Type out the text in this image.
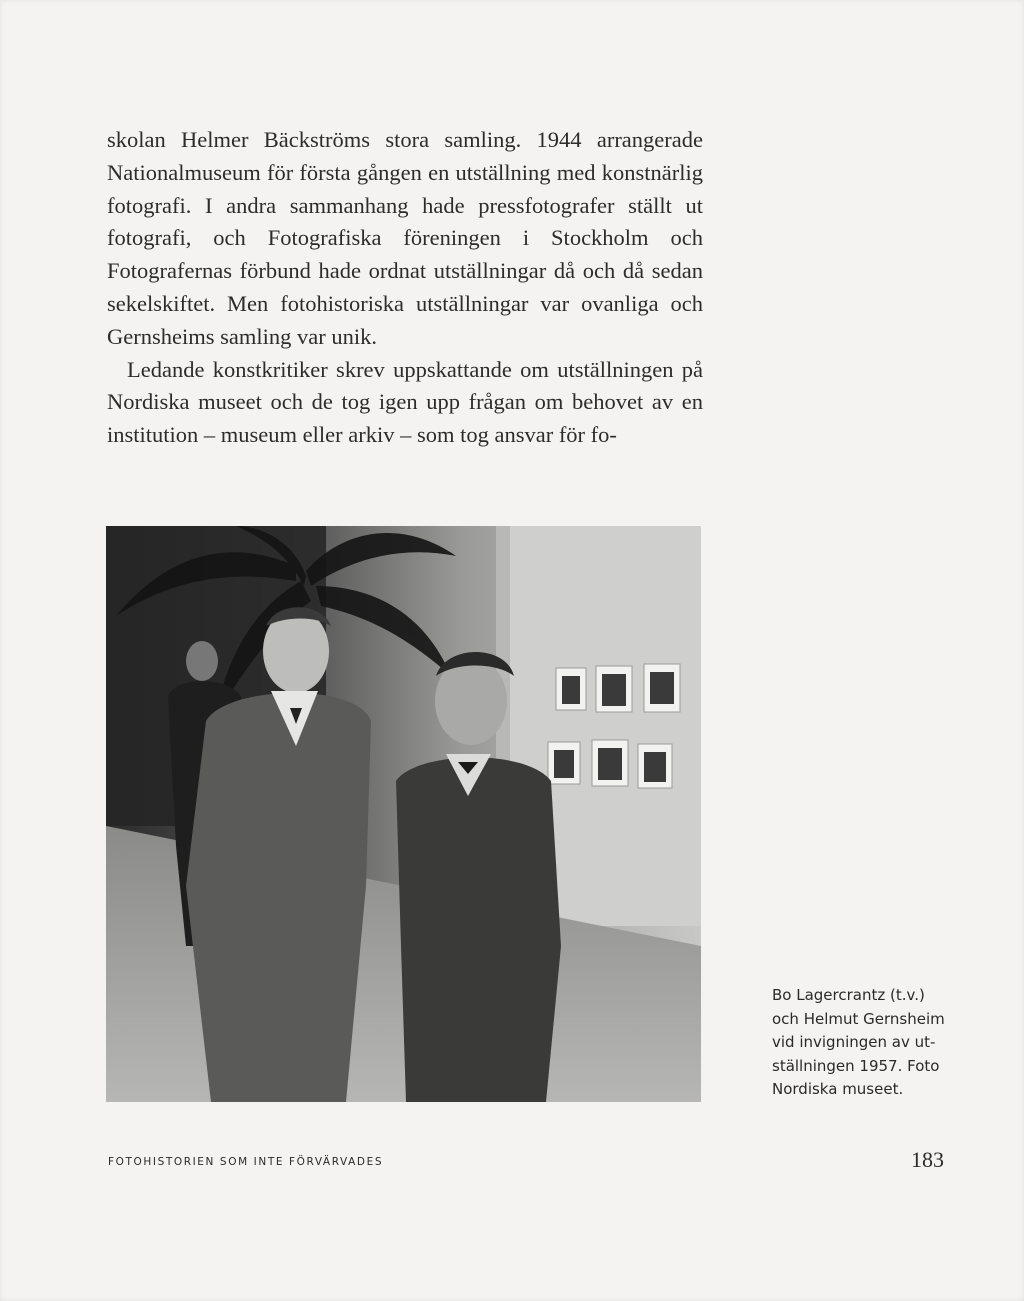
skolan Helmer Bäckströms stora samling. 1944 arrangerade Nationalmuseum för första gången en utställning med konstnärlig fotografi. I andra sammanhang hade pressfotografer ställt ut fotografi, och Fotografiska föreningen i Stockholm och Fotografernas förbund hade ordnat utställningar då och då sedan sekelskiftet. Men fotohistoriska utställningar var ovanliga och Gernsheims samling var unik.

Ledande konstkritiker skrev uppskattande om utställningen på Nordiska museet och de tog igen upp frågan om behovet av en institution – museum eller arkiv – som tog ansvar för fo-

Bo Lagercrantz (t.v.)
och Helmut Gernsheim
vid invigningen av ut-
ställningen 1957. Foto
Nordiska museet.
FOTOHISTORIEN SOM INTE FÖRVÄRVADES	183
